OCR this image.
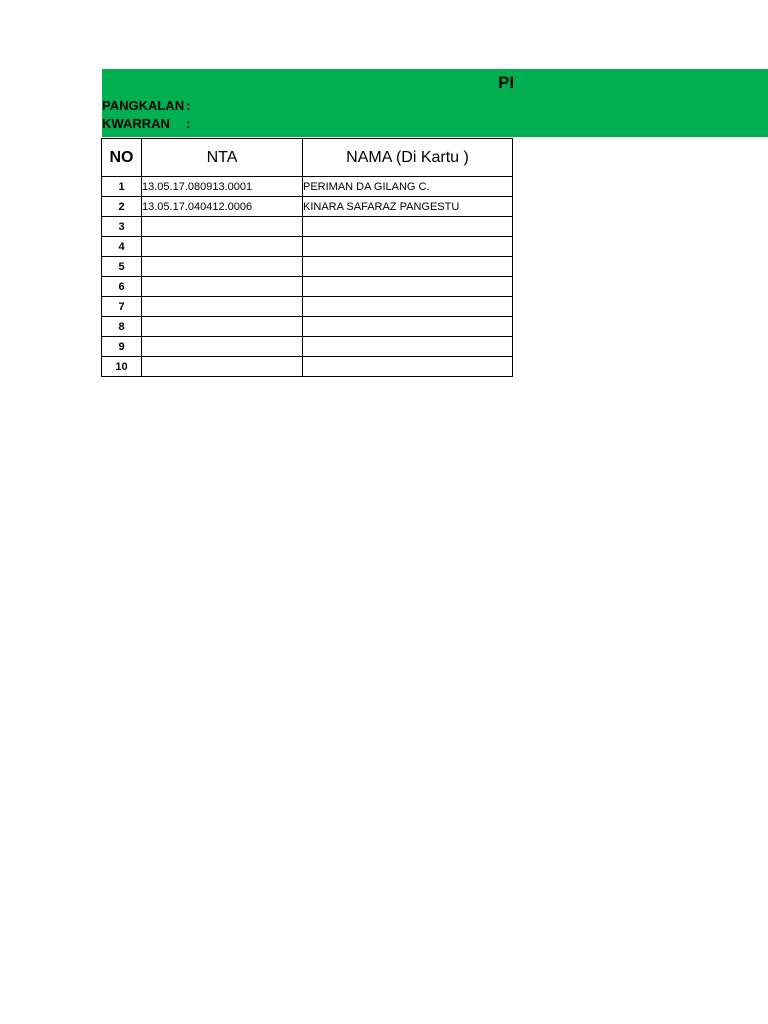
PI
PANGKALAN :
KWARRAN :
NO	NTA	NAMA (Di Kartu )
1	13.05.17.080913.0001	PERIMAN DA GILANG C.
2	13.05.17.040412.0006	KINARA SAFARAZ PANGESTU
3		
4		
5		
6		
7		
8		
9		
10		
